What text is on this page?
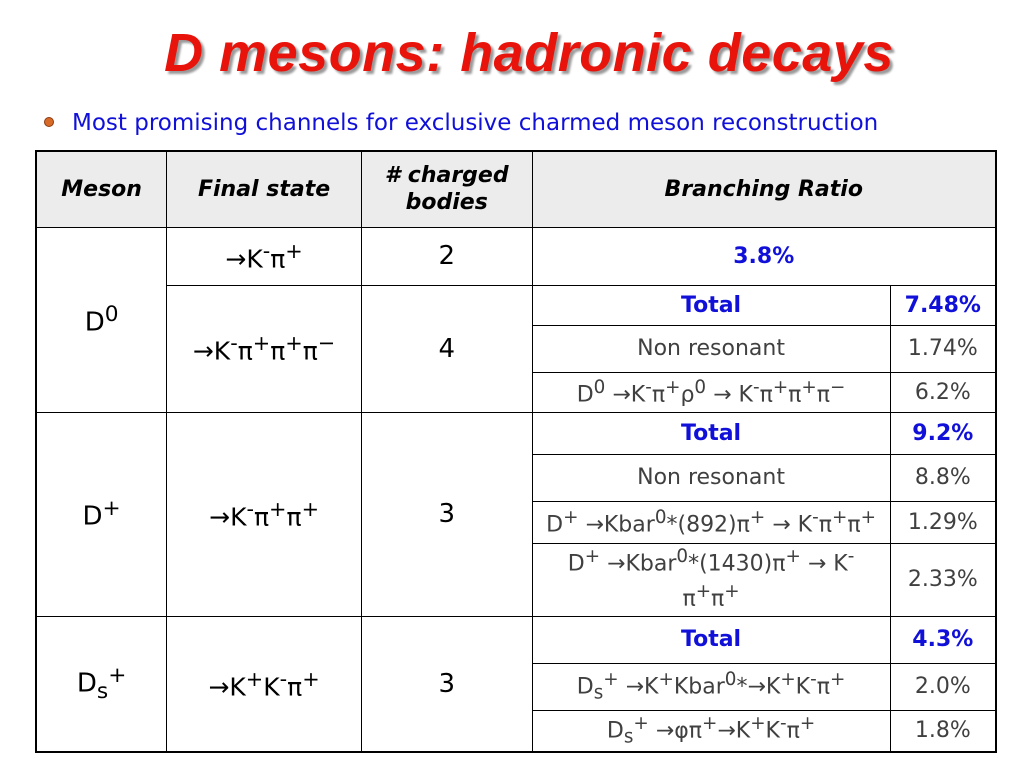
D mesons: hadronic decays
Most promising channels for exclusive charmed meson reconstruction
Meson	Final state	# charged
bodies	Branching Ratio	
$D^0$	→K-π+	2	3.8%	
	→K-π+π+π−	4	Total	7.48%
			Non resonant	1.74%
			$D^0 \to K^-\pi^+\rho^0 \to K^-\pi^+\pi^+\pi^-$	6.2%
D+	→K-π+π+	3	Total	9.2%
			Non resonant	8.8%
			D+ →Kbar$^0$*(892)π+ → K-π+π+	1.29%
			D+ →Kbar$^0$*(1430)π+ → K-
π+π+	2.33%
$D_s^+$	→K+K-π+	3	Total	4.3%
			$D_s^+$ →K+Kbar$^0$*→K+K-π+	2.0%
			$D_s^+ \to\varphi\pi^+\to K^+K^-\pi^+$	1.8%
